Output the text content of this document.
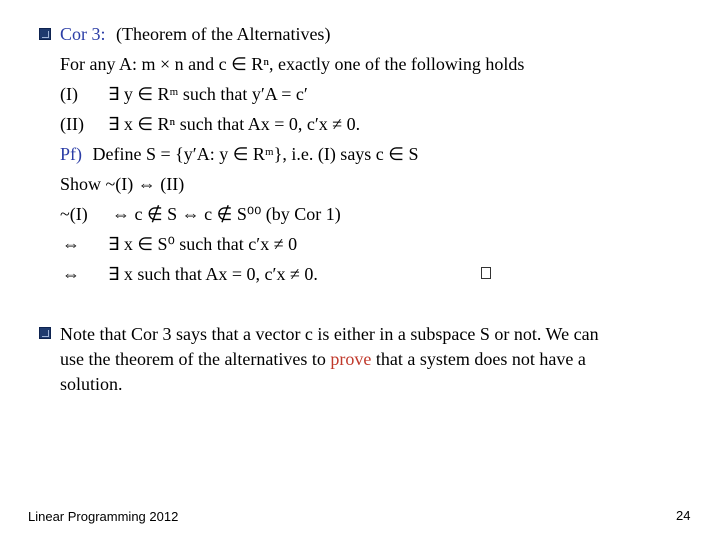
Cor 3: (Theorem of the Alternatives)
For any A: m × n and c ∈ Rⁿ, exactly one of the following holds
(I) ∃ y ∈ Rᵐ such that y′A = c′
(II) ∃ x ∈ Rⁿ such that Ax = 0, c′x ≠ 0.
Pf) Define S = {y′A: y ∈ Rᵐ}, i.e. (I) says c ∈ S
Show ~(I) ⇔ (II)
~(I) ⇔ c ∉ S ⇔ c ∉ S⁰⁰ (by Cor 1)
⇔ ∃ x ∈ S⁰ such that c′x ≠ 0
⇔ ∃ x such that Ax = 0, c′x ≠ 0.
Note that Cor 3 says that a vector c is either in a subspace S or not. We can
use the theorem of the alternatives to prove that a system does not have a
solution.
Linear Programming 2012	24
